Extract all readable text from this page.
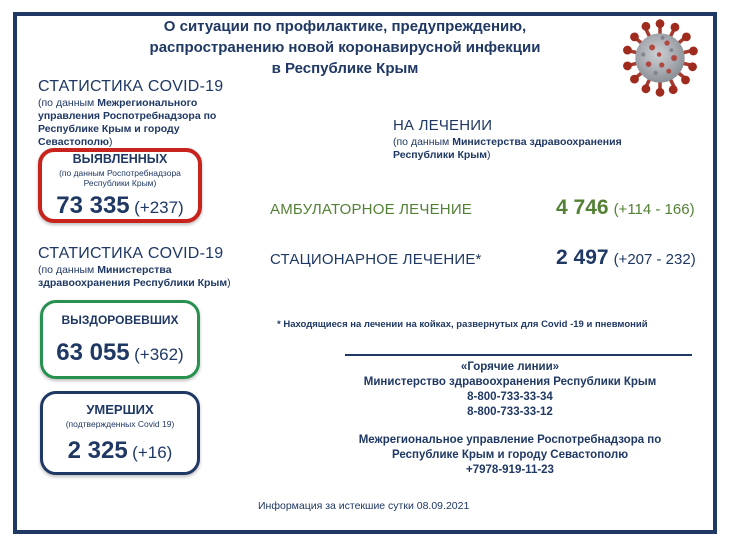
О ситуации по профилактике, предупреждению,
распространению новой коронавирусной инфекции
в Республике Крым
СТАТИСТИКА COVID-19
(по данным Межрегионального управления Роспотребнадзора по Республике Крым и городу Севастополю)
ВЫЯВЛЕННЫХ
(по данным Роспотребнадзора Республики Крым)
73 335 (+237)
СТАТИСТИКА COVID-19
(по данным Министерства здравоохранения Республики Крым)
ВЫЗДОРОВЕВШИХ
63 055 (+362)
УМЕРШИХ
(подтвержденных Covid 19)
2 325 (+16)
НА ЛЕЧЕНИИ
(по данным Министерства здравоохранения Республики Крым)
АМБУЛАТОРНОЕ ЛЕЧЕНИЕ	4 746 (+114 - 166)
СТАЦИОНАРНОЕ ЛЕЧЕНИЕ*	2 497 (+207 - 232)
* Находящиеся на лечении на койках, развернутых для Covid -19 и пневмоний
«Горячие линии»
Министерство здравоохранения Республики Крым
8-800-733-33-34
8-800-733-33-12
Межрегиональное управление Роспотребнадзора по Республике Крым и городу Севастополю
+7978-919-11-23
Информация за истекшие сутки 08.09.2021
